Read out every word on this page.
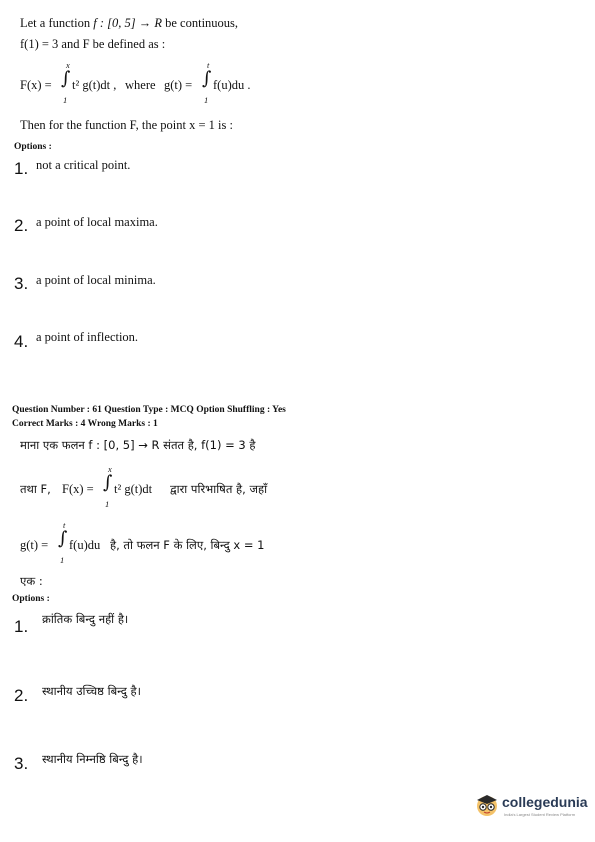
Let a function f : [0, 5] → R be continuous,
f(1) = 3 and F be defined as :
F(x) =
x
∫
1
t² g(t)dt , where g(t) =
t
∫
1
f(u)du .
Then for the function F, the point x = 1 is :
Options :
1. not a critical point.
2. a point of local maxima.
3. a point of local minima.
4. a point of inflection.
Question Number : 61 Question Type : MCQ Option Shuffling : Yes
Correct Marks : 4 Wrong Marks : 1
माना एक फलन f : [0, 5] → R संतत है, f(1) = 3 है
तथा F, F(x) =
x
∫
1
t² g(t)dt द्वारा परिभाषित है, जहाँ
g(t) =
t
∫
1
f(u)du है, तो फलन F के लिए, बिन्दु x = 1
एक :
Options :
1. क्रांतिक बिन्दु नहीं है।
2. स्थानीय उच्चिष्ठ बिन्दु है।
3. स्थानीय निम्नष्ठि बिन्दु है।
collegedunia
India's Largest Student Review Platform
